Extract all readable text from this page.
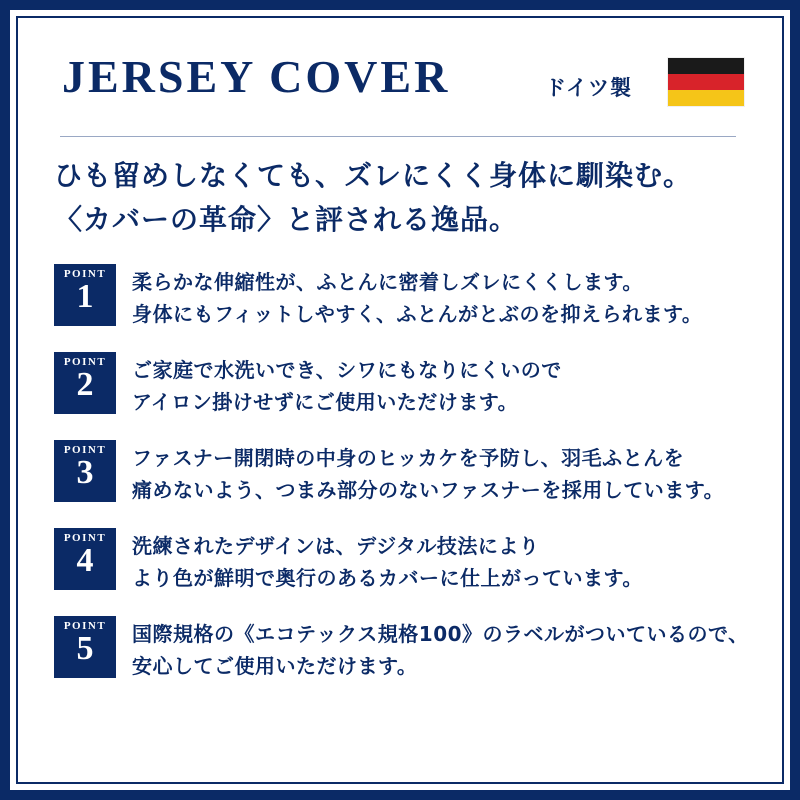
JERSEY COVER	ドイツ製
ひも留めしなくても、ズレにくく身体に馴染む。
〈カバーの革命〉と評される逸品。
POINT
1 柔らかな伸縮性が、ふとんに密着しズレにくくします。
身体にもフィットしやすく、ふとんがとぶのを抑えられます。
POINT
2 ご家庭で水洗いでき、シワにもなりにくいので
アイロン掛けせずにご使用いただけます。
POINT
3 ファスナー開閉時の中身のヒッカケを予防し、羽毛ふとんを
痛めないよう、つまみ部分のないファスナーを採用しています。
POINT
4 洗練されたデザインは、デジタル技法により
より色が鮮明で奥行のあるカバーに仕上がっています。
POINT
5 国際規格の《エコテックス規格100》のラベルがついているので、
安心してご使用いただけます。
